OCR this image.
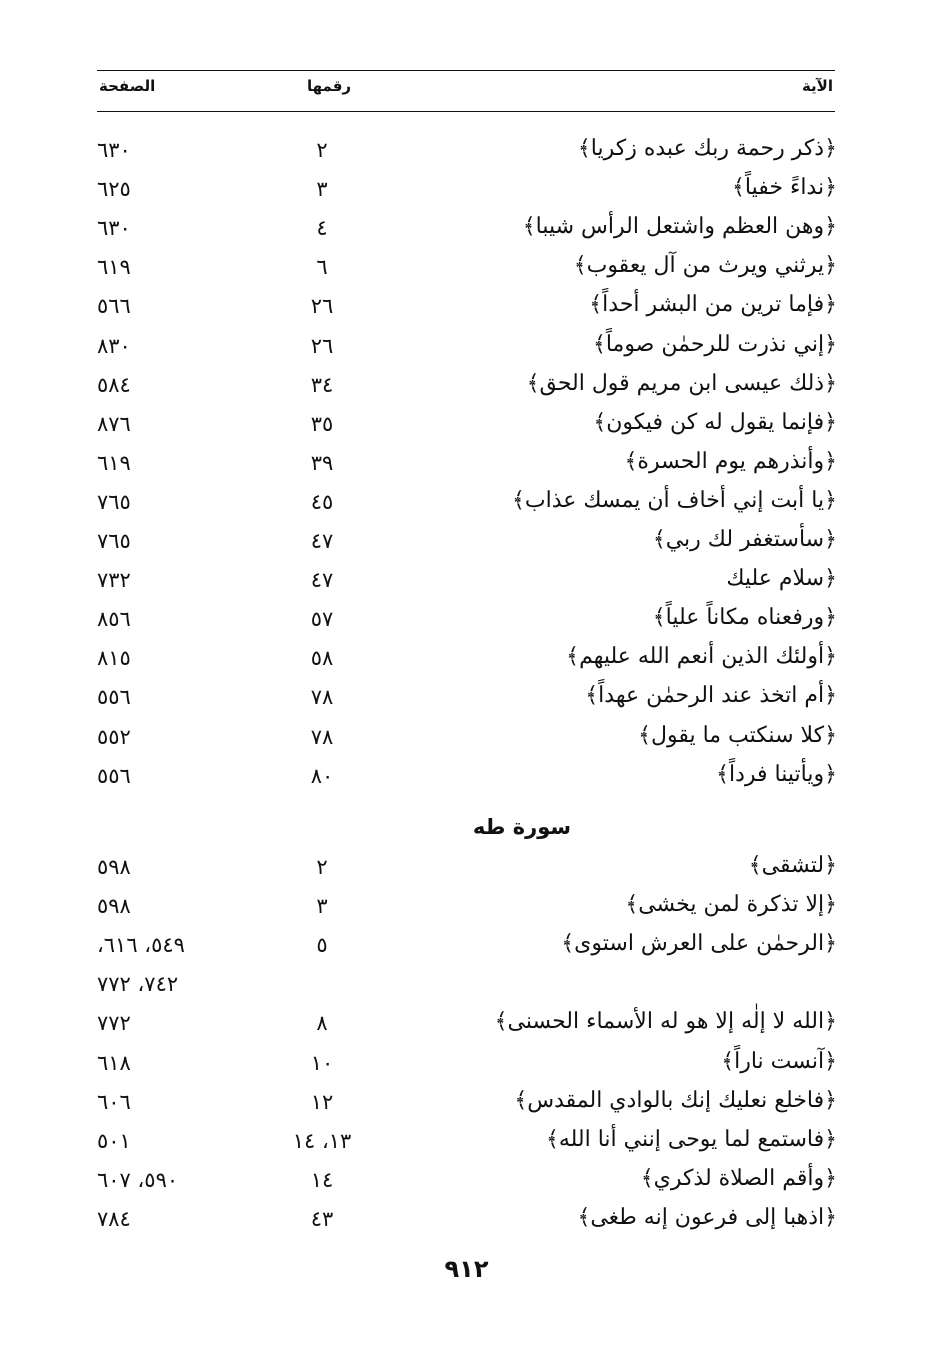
الآية
رقمها
الصفحة
﴿ذكر رحمة ربك عبده زكريا﴾
٢
٦٣٠
﴿نداءً خفياً﴾
٣
٦٢٥
﴿وهن العظم واشتعل الرأس شيبا﴾
٤
٦٣٠
﴿يرثني ويرث من آل يعقوب﴾
٦
٦١٩
﴿فإما ترين من البشر أحداً﴾
٢٦
٥٦٦
﴿إني نذرت للرحمٰن صوماً﴾
٢٦
٨٣٠
﴿ذلك عيسى ابن مريم قول الحق﴾
٣٤
٥٨٤
﴿فإنما يقول له كن فيكون﴾
٣٥
٨٧٦
﴿وأنذرهم يوم الحسرة﴾
٣٩
٦١٩
﴿يا أبت إني أخاف أن يمسك عذاب﴾
٤٥
٧٦٥
﴿سأستغفر لك ربي﴾
٤٧
٧٦٥
﴿سلام عليك
٤٧
٧٣٢
﴿ورفعناه مكاناً علياً﴾
٥٧
٨٥٦
﴿أولئك الذين أنعم الله عليهم﴾
٥٨
٨١٥
﴿أم اتخذ عند الرحمٰن عهداً﴾
٧٨
٥٥٦
﴿كلا سنكتب ما يقول﴾
٧٨
٥٥٢
﴿ويأتينا فرداً﴾
٨٠
٥٥٦
سورة طه
﴿لتشقى﴾
٢
٥٩٨
﴿إلا تذكرة لمن يخشى﴾
٣
٥٩٨
﴿الرحمٰن على العرش استوى﴾
٥
٥٤٩، ٦١٦،
٧٤٢، ٧٧٢
﴿الله لا إلٰه إلا هو له الأسماء الحسنى﴾
٨
٧٧٢
﴿آنست ناراً﴾
١٠
٦١٨
﴿فاخلع نعليك إنك بالوادي المقدس﴾
١٢
٦٠٦
﴿فاستمع لما يوحى إنني أنا الله﴾
١٣، ١٤
٥٠١
﴿وأقم الصلاة لذكري﴾
١٤
٥٩٠، ٦٠٧
﴿اذهبا إلى فرعون إنه طغى﴾
٤٣
٧٨٤
٩١٢
